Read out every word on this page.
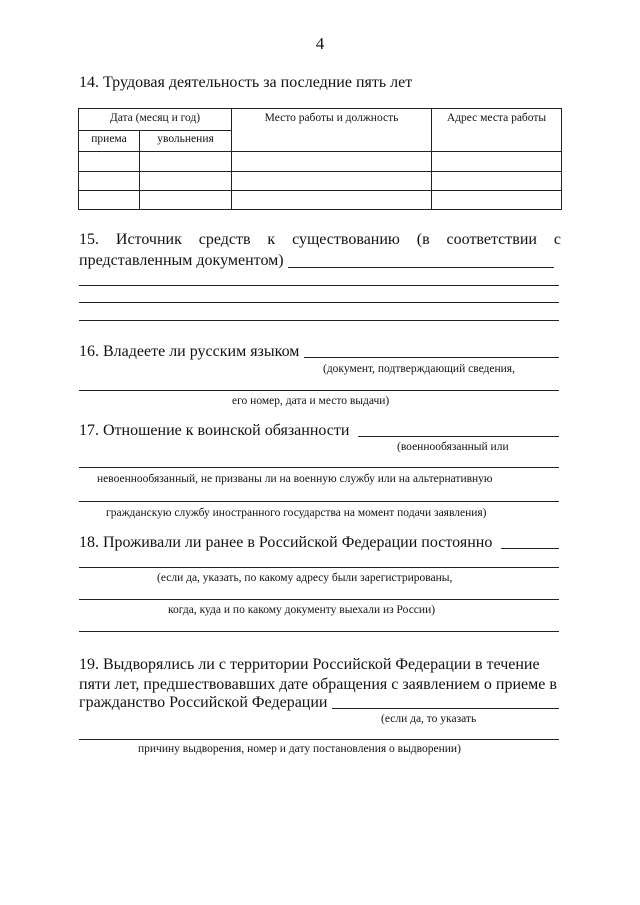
4
14. Трудовая деятельность за последние пять лет
Дата (месяц и год)		Место работы и должность	Адрес места работы
приема	увольнения		

15. Источник средств к существованию (в соответствии с
представленным документом)
16. Владеете ли русским языком
(документ, подтверждающий сведения,
его номер, дата и место выдачи)
17. Отношение к воинской обязанности
(военнообязанный или
невоеннообязанный, не призваны ли на военную службу или на альтернативную
гражданскую службу иностранного государства на момент подачи заявления)
18. Проживали ли ранее в Российской Федерации постоянно
(если да, указать, по какому адресу были зарегистрированы,
когда, куда и по какому документу выехали из России)
19. Выдворялись ли с территории Российской Федерации в течение
пяти лет, предшествовавших дате обращения с заявлением о приеме в
гражданство Российской Федерации
(если да, то указать
причину выдворения, номер и дату постановления о выдворении)
